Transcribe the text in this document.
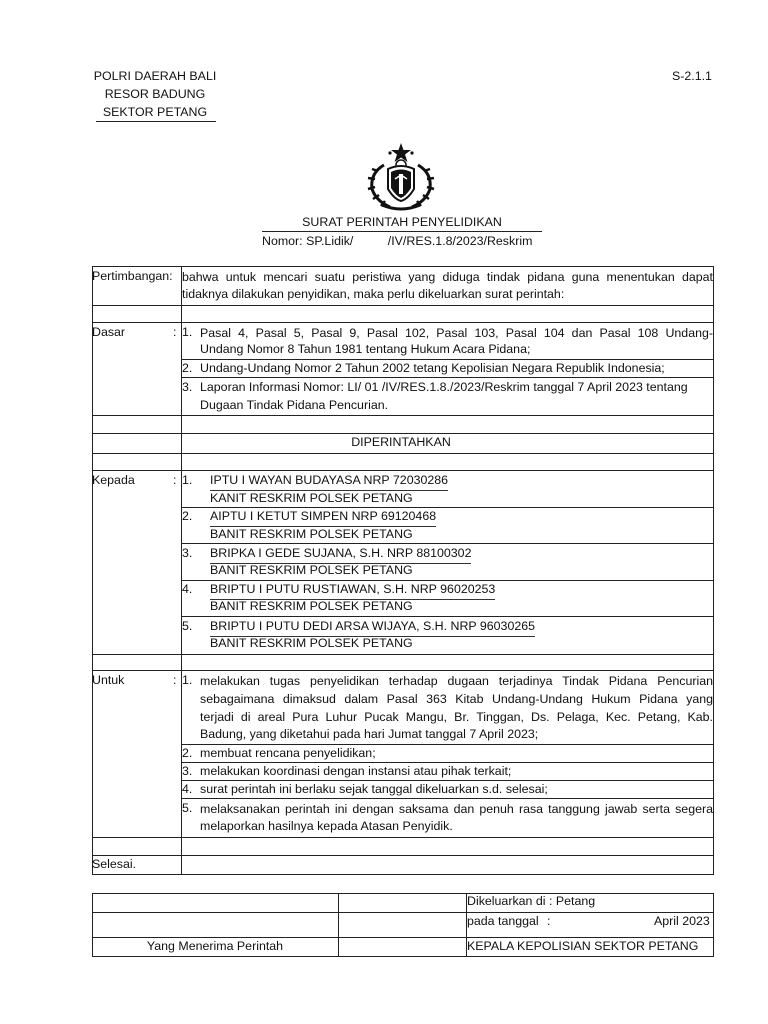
POLRI DAERAH BALI
RESOR BADUNG
SEKTOR PETANG
S-2.1.1
SURAT PERINTAH PENYELIDIKAN
Nomor: SP.Lidik/          /IV/RES.1.8/2023/Reskrim
Pertimbangan: bahwa untuk mencari suatu peristiwa yang diduga tindak pidana guna menentukan dapat
tidaknya dilakukan penyidikan, maka perlu dikeluarkan surat perintah:
Dasar	: 1. Pasal 4, Pasal 5, Pasal 9, Pasal 102, Pasal 103, Pasal 104 dan Pasal 108 Undang-
Undang Nomor 8 Tahun 1981 tentang Hukum Acara Pidana;
2. Undang-Undang Nomor 2 Tahun 2002 tetang Kepolisian Negara Republik Indonesia;
3. Laporan Informasi Nomor: LI/ 01 /IV/RES.1.8./2023/Reskrim tanggal 7 April 2023 tentang
Dugaan Tindak Pidana Pencurian.
DIPERINTAHKAN
Kepada	: 1. IPTU I WAYAN BUDAYASA NRP 72030286
KANIT RESKRIM POLSEK PETANG
2. AIPTU I KETUT SIMPEN NRP 69120468
BANIT RESKRIM POLSEK PETANG
3. BRIPKA I GEDE SUJANA, S.H. NRP 88100302
BANIT RESKRIM POLSEK PETANG
4. BRIPTU I PUTU RUSTIAWAN, S.H. NRP 96020253
BANIT RESKRIM POLSEK PETANG
5. BRIPTU I PUTU DEDI ARSA WIJAYA, S.H. NRP 96030265
BANIT RESKRIM POLSEK PETANG
Untuk	: 1. melakukan tugas penyelidikan terhadap dugaan terjadinya Tindak Pidana Pencurian
sebagaimana dimaksud dalam Pasal 363 Kitab Undang-Undang Hukum Pidana yang
terjadi di areal Pura Luhur Pucak Mangu, Br. Tinggan, Ds. Pelaga, Kec. Petang, Kab.
Badung, yang diketahui pada hari Jumat tanggal 7 April 2023;
2. membuat rencana penyelidikan;
3. melakukan koordinasi dengan instansi atau pihak terkait;
4. surat perintah ini berlaku sejak tanggal dikeluarkan s.d. selesai;
5. melaksanakan perintah ini dengan saksama dan penuh rasa tanggung jawab serta segera
melaporkan hasilnya kepada Atasan Penyidik.
Selesai.
Dikeluarkan di : Petang
pada tanggal :	April 2023
Yang Menerima Perintah	KEPALA KEPOLISIAN SEKTOR PETANG
